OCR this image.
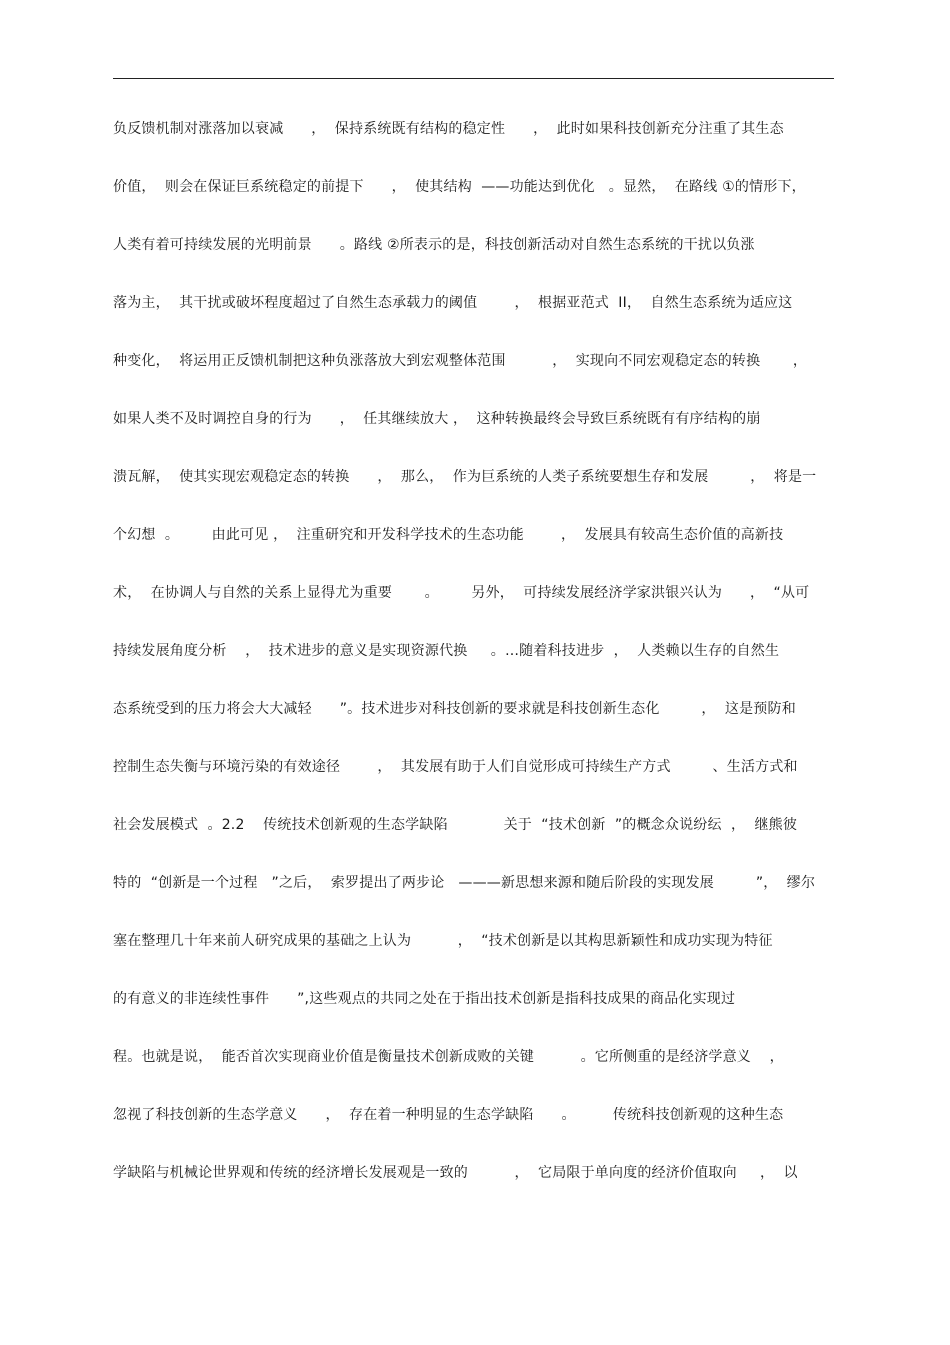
负反馈机制对涨落加以衰减      ，  保持系统既有结构的稳定性      ，  此时如果科技创新充分注重了其生态
价值，  则会在保证巨系统稳定的前提下      ，  使其结构  ——功能达到优化   。显然，  在路线 ①的情形下，
人类有着可持续发展的光明前景      。路线 ②所表示的是，科技创新活动对自然生态系统的干扰以负涨
落为主，  其干扰或破坏程度超过了自然生态承载力的阈值        ，  根据亚范式  II，  自然生态系统为适应这
种变化，  将运用正反馈机制把这种负涨落放大到宏观整体范围          ，  实现向不同宏观稳定态的转换       ，
如果人类不及时调控自身的行为      ，  任其继续放大 ，  这种转换最终会导致巨系统既有有序结构的崩
溃瓦解，  使其实现宏观稳定态的转换      ，  那么，  作为巨系统的人类子系统要想生存和发展         ，  将是一
个幻想  。       由此可见 ，  注重研究和开发科学技术的生态功能        ，  发展具有较高生态价值的高新技
术，  在协调人与自然的关系上显得尤为重要       。       另外，  可持续发展经济学家洪银兴认为      ，  “从可
持续发展角度分析    ，  技术进步的意义是实现资源代换     。…随着科技进步  ，  人类赖以生存的自然生
态系统受到的压力将会大大减轻      ”。技术进步对科技创新的要求就是科技创新生态化         ，  这是预防和
控制生态失衡与环境污染的有效途径        ，  其发展有助于人们自觉形成可持续生产方式         、生活方式和
社会发展模式  。2.2    传统技术创新观的生态学缺陷            关于  “技术创新  ”的概念众说纷纭  ，  继熊彼
特的  “创新是一个过程   ”之后，  索罗提出了两步论   ———新思想来源和随后阶段的实现发展         ”，  缪尔
塞在整理几十年来前人研究成果的基础之上认为          ，  “技术创新是以其构思新颖性和成功实现为特征
的有意义的非连续性事件      ”,这些观点的共同之处在于指出技术创新是指科技成果的商品化实现过
程。也就是说，  能否首次实现商业价值是衡量技术创新成败的关键          。它所侧重的是经济学意义    ，
忽视了科技创新的生态学意义      ，  存在着一种明显的生态学缺陷      。        传统科技创新观的这种生态
学缺陷与机械论世界观和传统的经济增长发展观是一致的          ，  它局限于单向度的经济价值取向     ，  以
